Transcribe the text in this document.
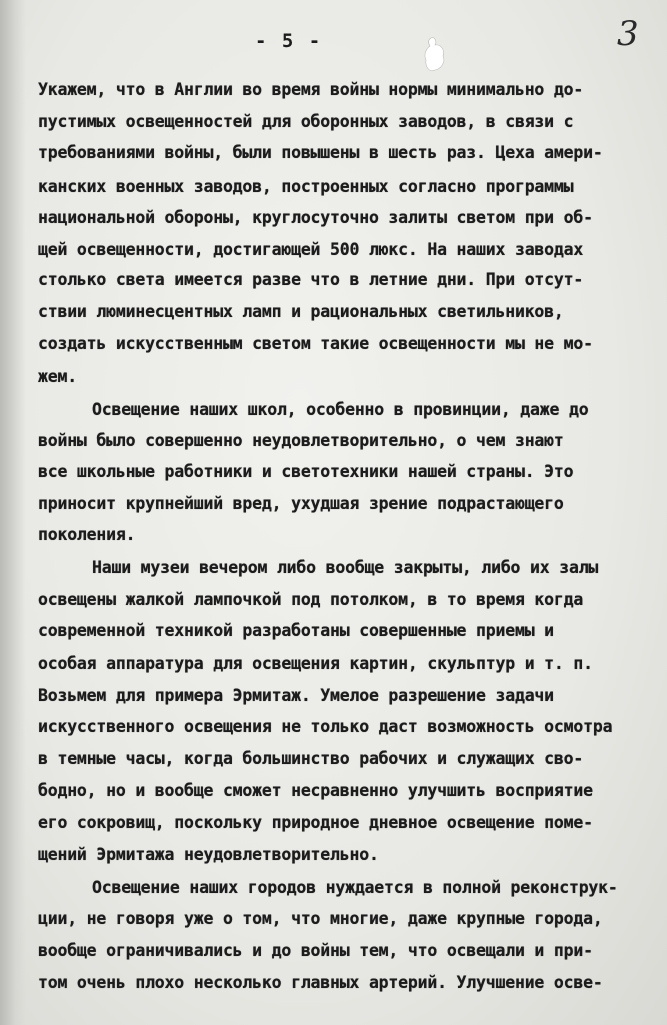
- 5 -	3
Укажем, что в Англии во время войны нормы минимально до-
пустимых освещенностей для оборонных заводов, в связи с
требованиями войны, были повышены в шесть раз. Цеха амери-
канских военных заводов, построенных согласно программы
национальной обороны, круглосуточно залиты светом при об-
щей освещенности, достигающей 500 люкс. На наших заводах
столько света имеется разве что в летние дни. При отсут-
ствии люминесцентных ламп и рациональных светильников,
создать искусственным светом такие освещенности мы не мо-
жем.
Освещение наших школ, особенно в провинции, даже до
войны было совершенно неудовлетворительно, о чем знают
все школьные работники и светотехники нашей страны. Это
приносит крупнейший вред, ухудшая зрение подрастающего
поколения.
Наши музеи вечером либо вообще закрыты, либо их залы
освещены жалкой лампочкой под потолком, в то время когда
современной техникой разработаны совершенные приемы и
особая аппаратура для освещения картин, скульптур и т. п.
Возьмем для примера Эрмитаж. Умелое разрешение задачи
искусственного освещения не только даст возможность осмотра
в темные часы, когда большинство рабочих и служащих сво-
бодно, но и вообще сможет несравненно улучшить восприятие
его сокровищ, поскольку природное дневное освещение поме-
щений Эрмитажа неудовлетворительно.
Освещение наших городов нуждается в полной реконструк-
ции, не говоря уже о том, что многие, даже крупные города,
вообще ограничивались и до войны тем, что освещали и при-
том очень плохо несколько главных артерий. Улучшение осве-
